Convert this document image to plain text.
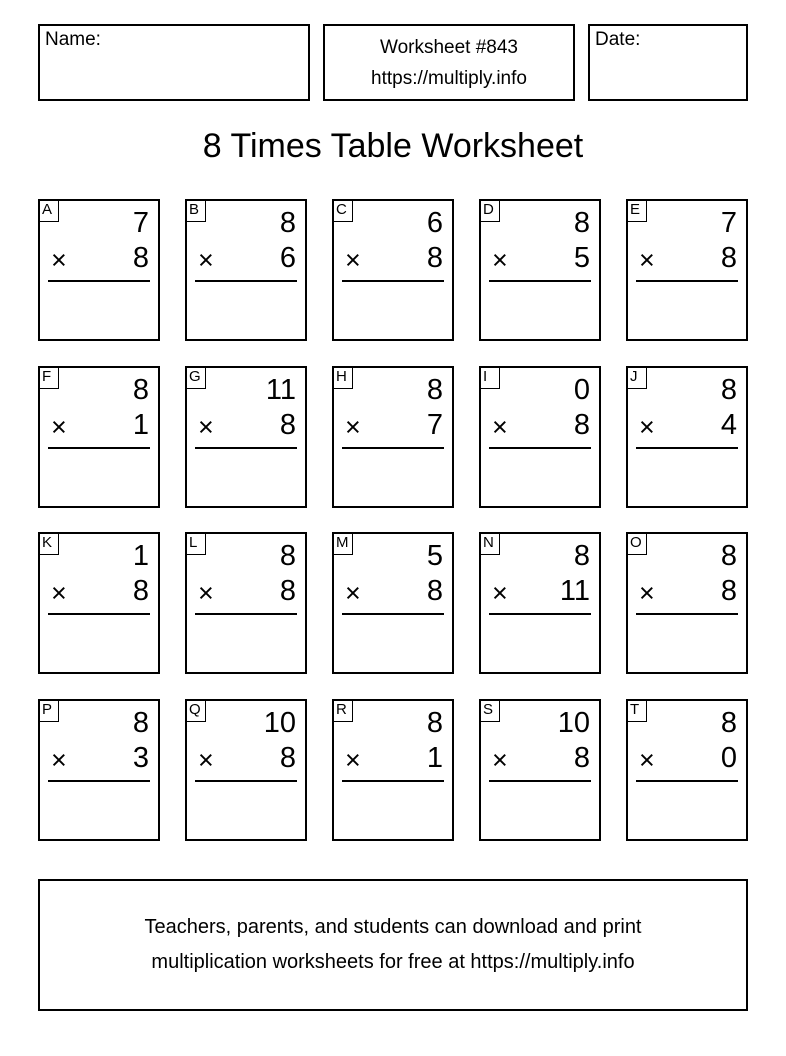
Name:	Worksheet #843
https://multiply.info
Date:
8 Times Table Worksheet
A	7
× 8
B	8
× 6
C	6
× 8
D	8
× 5
E	7
× 8
F	8
× 1
G 11
× 8
H	8
× 7
I	0
× 8
J	8
× 4
K	1
× 8
L	8
× 8
M	5
× 8
N	8
× 11
O	8
× 8
P	8
× 3
Q 10
× 8
R	8
× 1
S 10
× 8
T	8
× 0
Teachers, parents, and students can download and print
multiplication worksheets for free at https://multiply.info
